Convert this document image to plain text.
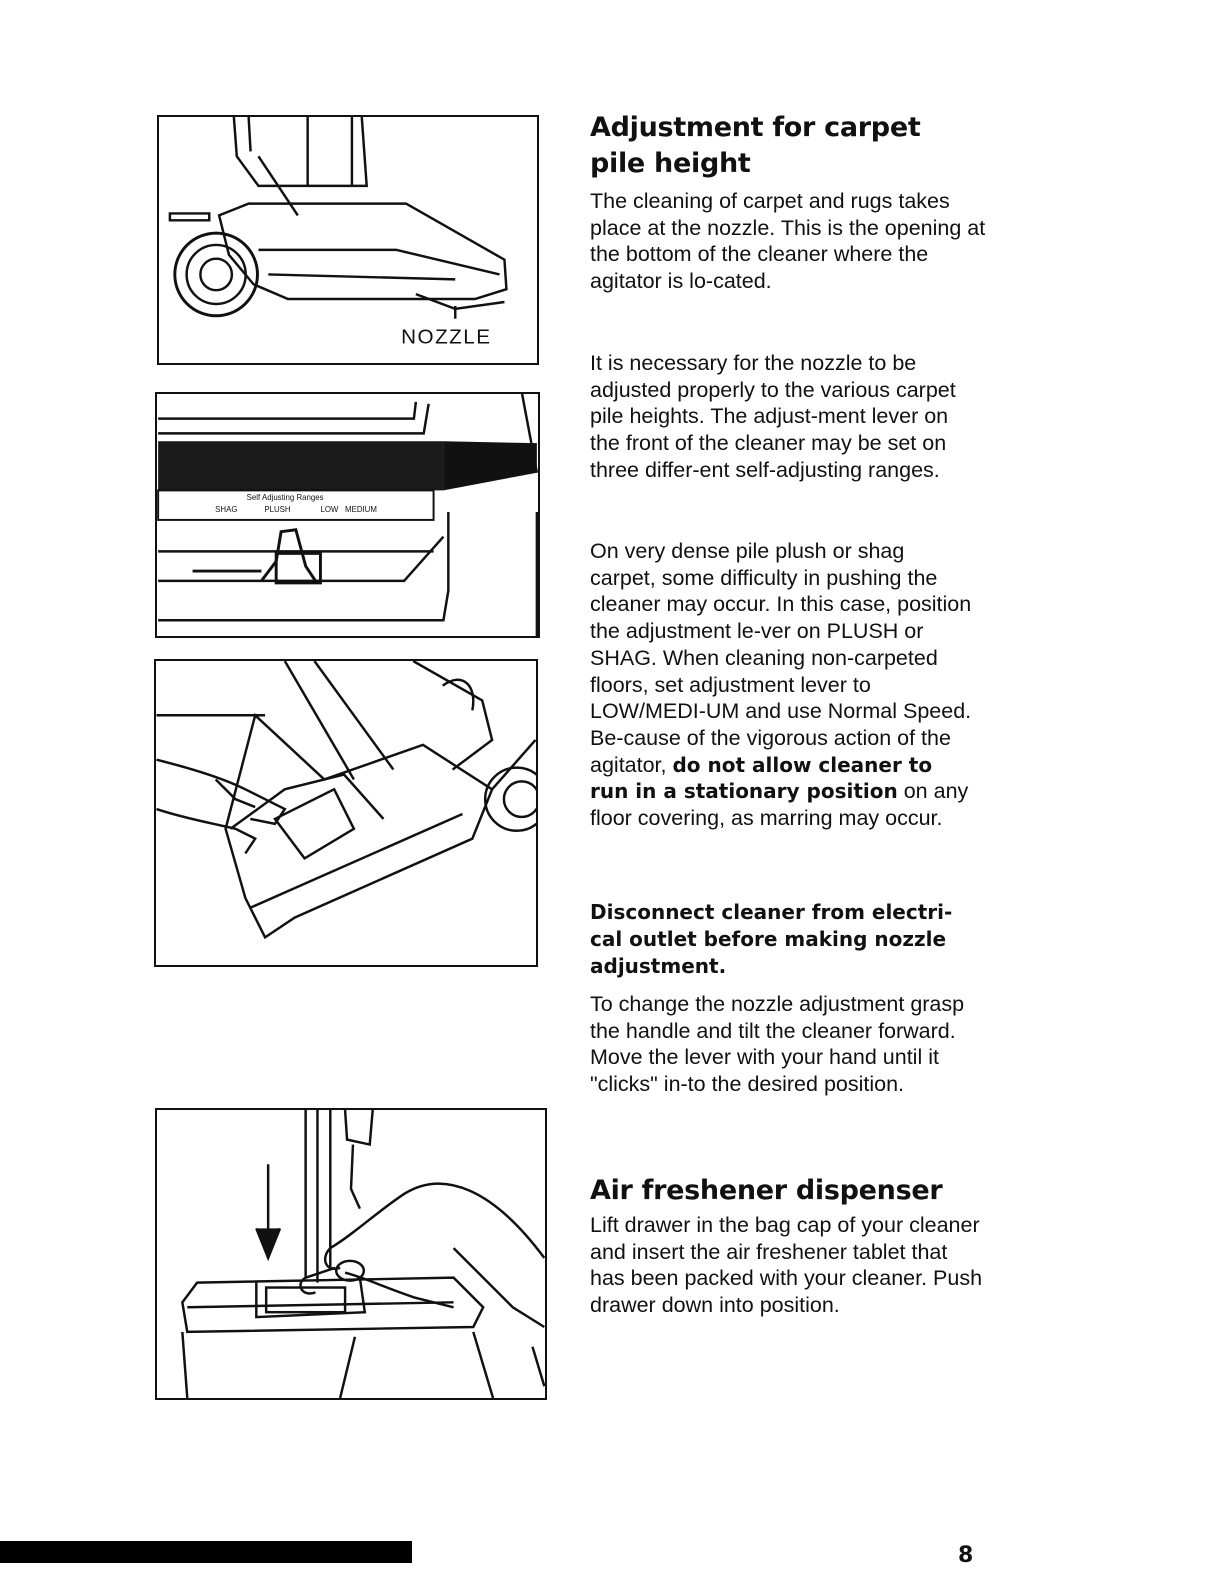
NOZZLE
Self Adjusting Ranges
SHAG	PLUSH	LOW MEDIUM
Adjustment for carpet
pile height

The cleaning of carpet and rugs takes place at the nozzle. This is the opening at the bottom of the cleaner where the agitator is lo-cated.

It is necessary for the nozzle to be adjusted properly to the various carpet pile heights. The adjust-ment lever on the front of the cleaner may be set on three differ-ent self-adjusting ranges.

On very dense pile plush or shag carpet, some difficulty in pushing the cleaner may occur. In this case, position the adjustment le-ver on PLUSH or SHAG. When cleaning non-carpeted floors, set adjustment lever to LOW/MEDI-UM and use Normal Speed. Be-cause of the vigorous action of the agitator, do not allow cleaner to run in a stationary position on any floor covering, as marring may occur.

Disconnect cleaner from electri-cal outlet before making nozzle adjustment.

To change the nozzle adjustment grasp the handle and tilt the cleaner forward. Move the lever with your hand until it "clicks" in-to the desired position.

Air freshener dispenser

Lift drawer in the bag cap of your cleaner and insert the air freshener tablet that has been packed with your cleaner. Push drawer down into position.

8
